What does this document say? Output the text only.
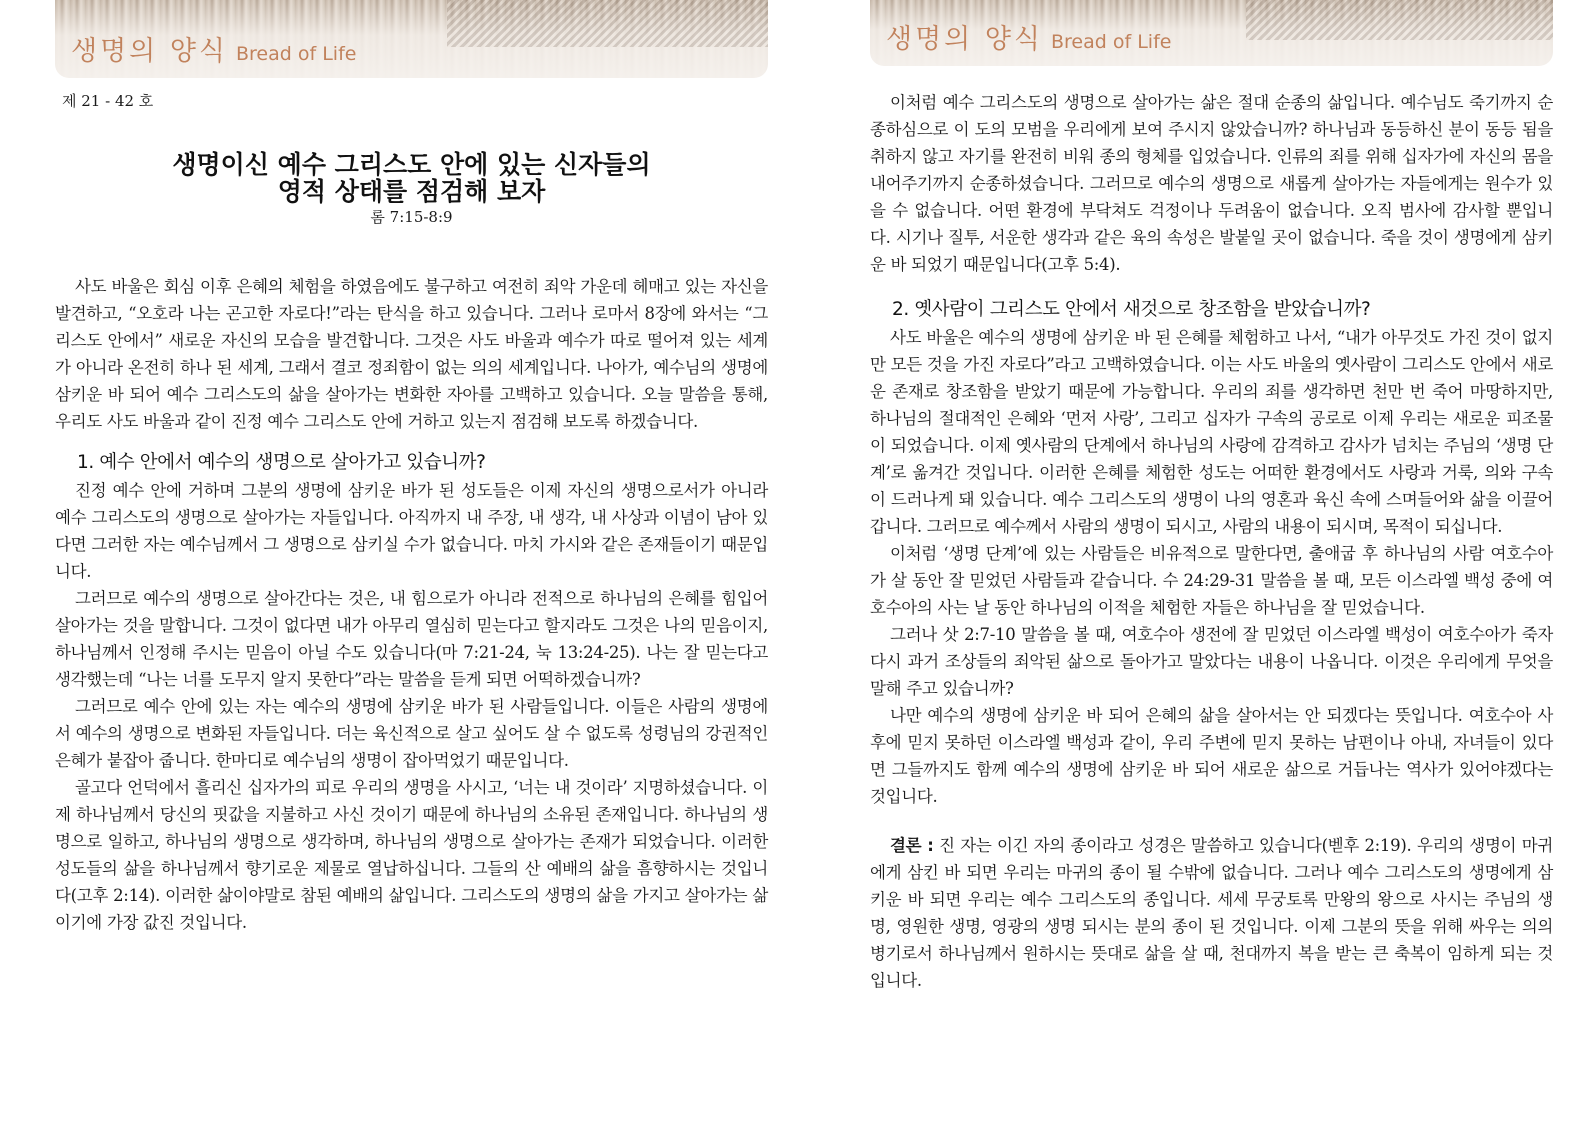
생명의 양식 Bread of Life
제 21 - 42 호
생명이신 예수 그리스도 안에 있는 신자들의
영적 상태를 점검해 보자
롬 7:15-8:9

사도 바울은 회심 이후 은혜의 체험을 하였음에도 불구하고 여전히 죄악 가운데 헤매고 있는 자신을 발견하고, “오호라 나는 곤고한 자로다!”라는 탄식을 하고 있습니다. 그러나 로마서 8장에 와서는 “그리스도 안에서” 새로운 자신의 모습을 발견합니다. 그것은 사도 바울과 예수가 따로 떨어져 있는 세계가 아니라 온전히 하나 된 세계, 그래서 결코 정죄함이 없는 의의 세계입니다. 나아가, 예수님의 생명에 삼키운 바 되어 예수 그리스도의 삶을 살아가는 변화한 자아를 고백하고 있습니다. 오늘 말씀을 통해, 우리도 사도 바울과 같이 진정 예수 그리스도 안에 거하고 있는지 점검해 보도록 하겠습니다.

1. 예수 안에서 예수의 생명으로 살아가고 있습니까?

진정 예수 안에 거하며 그분의 생명에 삼키운 바가 된 성도들은 이제 자신의 생명으로서가 아니라 예수 그리스도의 생명으로 살아가는 자들입니다. 아직까지 내 주장, 내 생각, 내 사상과 이념이 남아 있다면 그러한 자는 예수님께서 그 생명으로 삼키실 수가 없습니다. 마치 가시와 같은 존재들이기 때문입니다.

그러므로 예수의 생명으로 살아간다는 것은, 내 힘으로가 아니라 전적으로 하나님의 은혜를 힘입어 살아가는 것을 말합니다. 그것이 없다면 내가 아무리 열심히 믿는다고 할지라도 그것은 나의 믿음이지, 하나님께서 인정해 주시는 믿음이 아닐 수도 있습니다(마 7:21-24, 눅 13:24-25). 나는 잘 믿는다고 생각했는데 “나는 너를 도무지 알지 못한다”라는 말씀을 듣게 되면 어떡하겠습니까?

그러므로 예수 안에 있는 자는 예수의 생명에 삼키운 바가 된 사람들입니다. 이들은 사람의 생명에서 예수의 생명으로 변화된 자들입니다. 더는 육신적으로 살고 싶어도 살 수 없도록 성령님의 강권적인 은혜가 붙잡아 줍니다. 한마디로 예수님의 생명이 잡아먹었기 때문입니다.

골고다 언덕에서 흘리신 십자가의 피로 우리의 생명을 사시고, ‘너는 내 것이라’ 지명하셨습니다. 이제 하나님께서 당신의 핏값을 지불하고 사신 것이기 때문에 하나님의 소유된 존재입니다. 하나님의 생명으로 일하고, 하나님의 생명으로 생각하며, 하나님의 생명으로 살아가는 존재가 되었습니다. 이러한 성도들의 삶을 하나님께서 향기로운 제물로 열납하십니다. 그들의 산 예배의 삶을 흠향하시는 것입니다(고후 2:14). 이러한 삶이야말로 참된 예배의 삶입니다. 그리스도의 생명의 삶을 가지고 살아가는 삶이기에 가장 값진 것입니다.

생명의 양식 Bread of Life

이처럼 예수 그리스도의 생명으로 살아가는 삶은 절대 순종의 삶입니다. 예수님도 죽기까지 순종하심으로 이 도의 모범을 우리에게 보여 주시지 않았습니까? 하나님과 동등하신 분이 동등 됨을 취하지 않고 자기를 완전히 비워 종의 형체를 입었습니다. 인류의 죄를 위해 십자가에 자신의 몸을 내어주기까지 순종하셨습니다. 그러므로 예수의 생명으로 새롭게 살아가는 자들에게는 원수가 있을 수 없습니다. 어떤 환경에 부닥쳐도 걱정이나 두려움이 없습니다. 오직 범사에 감사할 뿐입니다. 시기나 질투, 서운한 생각과 같은 육의 속성은 발붙일 곳이 없습니다. 죽을 것이 생명에게 삼키운 바 되었기 때문입니다(고후 5:4).

2. 옛사람이 그리스도 안에서 새것으로 창조함을 받았습니까?

사도 바울은 예수의 생명에 삼키운 바 된 은혜를 체험하고 나서, “내가 아무것도 가진 것이 없지만 모든 것을 가진 자로다”라고 고백하였습니다. 이는 사도 바울의 옛사람이 그리스도 안에서 새로운 존재로 창조함을 받았기 때문에 가능합니다. 우리의 죄를 생각하면 천만 번 죽어 마땅하지만, 하나님의 절대적인 은혜와 ‘먼저 사랑’, 그리고 십자가 구속의 공로로 이제 우리는 새로운 피조물이 되었습니다. 이제 옛사람의 단계에서 하나님의 사랑에 감격하고 감사가 넘치는 주님의 ‘생명 단계’로 옮겨간 것입니다. 이러한 은혜를 체험한 성도는 어떠한 환경에서도 사랑과 거룩, 의와 구속이 드러나게 돼 있습니다. 예수 그리스도의 생명이 나의 영혼과 육신 속에 스며들어와 삶을 이끌어 갑니다. 그러므로 예수께서 사람의 생명이 되시고, 사람의 내용이 되시며, 목적이 되십니다.

이처럼 ‘생명 단계’에 있는 사람들은 비유적으로 말한다면, 출애굽 후 하나님의 사람 여호수아가 살 동안 잘 믿었던 사람들과 같습니다. 수 24:29-31 말씀을 볼 때, 모든 이스라엘 백성 중에 여호수아의 사는 날 동안 하나님의 이적을 체험한 자들은 하나님을 잘 믿었습니다.

그러나 삿 2:7-10 말씀을 볼 때, 여호수아 생전에 잘 믿었던 이스라엘 백성이 여호수아가 죽자 다시 과거 조상들의 죄악된 삶으로 돌아가고 말았다는 내용이 나옵니다. 이것은 우리에게 무엇을 말해 주고 있습니까?

나만 예수의 생명에 삼키운 바 되어 은혜의 삶을 살아서는 안 되겠다는 뜻입니다. 여호수아 사후에 믿지 못하던 이스라엘 백성과 같이, 우리 주변에 믿지 못하는 남편이나 아내, 자녀들이 있다면 그들까지도 함께 예수의 생명에 삼키운 바 되어 새로운 삶으로 거듭나는 역사가 있어야겠다는 것입니다.

결론 : 진 자는 이긴 자의 종이라고 성경은 말씀하고 있습니다(벧후 2:19). 우리의 생명이 마귀에게 삼킨 바 되면 우리는 마귀의 종이 될 수밖에 없습니다. 그러나 예수 그리스도의 생명에게 삼키운 바 되면 우리는 예수 그리스도의 종입니다. 세세 무궁토록 만왕의 왕으로 사시는 주님의 생명, 영원한 생명, 영광의 생명 되시는 분의 종이 된 것입니다. 이제 그분의 뜻을 위해 싸우는 의의 병기로서 하나님께서 원하시는 뜻대로 삶을 살 때, 천대까지 복을 받는 큰 축복이 임하게 되는 것입니다.
